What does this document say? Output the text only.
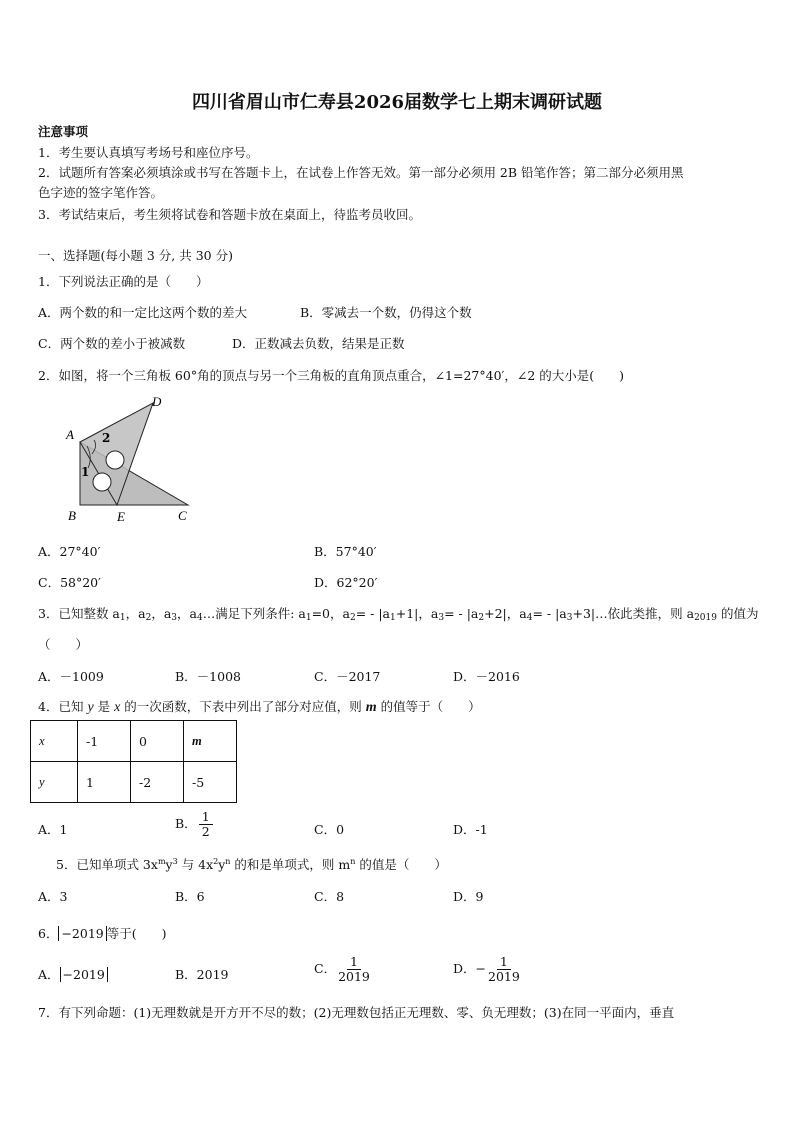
四川省眉山市仁寿县2026届数学七上期末调研试题
注意事项
1．考生要认真填写考场号和座位序号。
2．试题所有答案必须填涂或书写在答题卡上，在试卷上作答无效。第一部分必须用 2B 铅笔作答；第二部分必须用黑
色字迹的签字笔作答。
3．考试结束后，考生须将试卷和答题卡放在桌面上，待监考员收回。
一、选择题(每小题 3 分, 共 30 分)
1．下列说法正确的是（　　）
A．两个数的和一定比这两个数的差大	B．零减去一个数，仍得这个数
C．两个数的差小于被减数	D．正数减去负数，结果是正数
2．如图，将一个三角板 60°角的顶点与另一个三角板的直角顶点重合，∠1=27°40′，∠2 的大小是(　　)
A
D
B	E	C
1
2
A．27°40′	B．57°40′
C．58°20′	D．62°20′
3．已知整数 $a_1$，$a_2$，$a_3$，$a_4\dots$满足下列条件: $a_1=0$，$a_2= - |a_1+1|$，$a_3= - |a_2+2|$，$a_4=$ - $|a_3+3|\dots$依此类推，则 $a_{2019}$ 的值为
（　　）
A．－1009	B．－1008	C．－2017	D．－2016
4．已知 y 是 x 的一次函数，下表中列出了部分对应值，则 m 的值等于（　　）
x	-1	0	m
y	1	-2	-5
A．1	B． $\frac{1}{2}$	C．0	D．-1
5．已知单项式 $3x^my^3$ 与 $4x^2y^n$ 的和是单项式，则 $m^n$ 的值是（　　）
A．3	B．6	C．8	D．9
6． −2019 等于(　　)
A． −2019	B．2019	C． $\frac{1}{2019}$	D．− $\frac{1}{2019}$
7．有下列命题：(1)无理数就是开方开不尽的数；(2)无理数包括正无理数、零、负无理数；(3)在同一平面内，垂直
